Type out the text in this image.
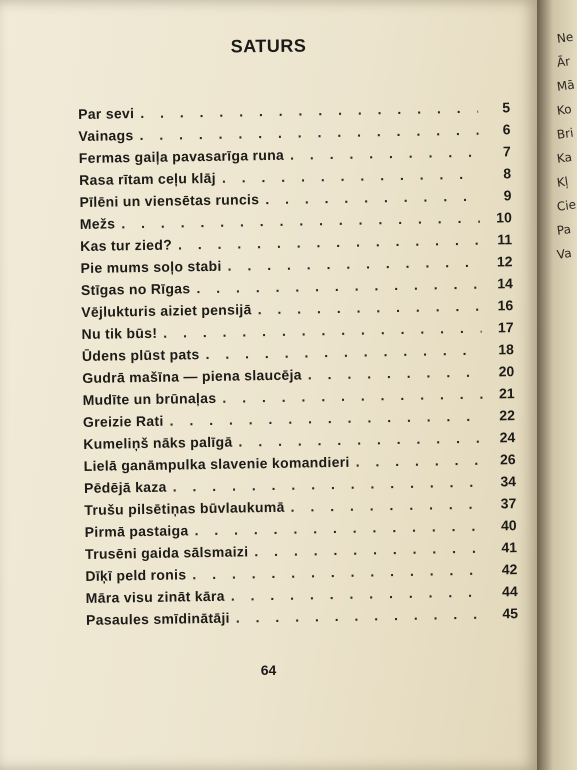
SATURS
Par sevi . . .	5
Vainags . . .	6
Fermas gaiļa pavasarīga runa . . .	7
Rasa rītam ceļu klāj . . .	8
Pīlēni un viensētas runcis . . .	9
Mežs . . .	10
Kas tur zied? . . .	11
Pie mums soļo stabi . . .	12
Stīgas no Rīgas . . .	14
Vējlukturis aiziet pensijā . . .	16
Nu tik būs! . . .	17
Ūdens plūst pats . . .	18
Gudrā mašīna — piena slaucēja . . .	20
Mudīte un brūnaļas . . .	21
Greizie Rati . . .	22
Kumeliņš nāks palīgā . . .	24
Lielā ganāmpulka slavenie komandieri . . .	26
Pēdējā kaza . . .	34
Trušu pilsētiņas būvlaukumā . . .	37
Pirmā pastaiga . . .	40
Trusēni gaida sālsmaizi . . .	41
Dīķī peld ronis . . .	42
Māra visu zināt kāra . . .	44
Pasaules smīdinātāji . . .	45
64
Ne
Ār
Mā
Ko
Bri
Ka
Kļ
Cie
Pa
Va
